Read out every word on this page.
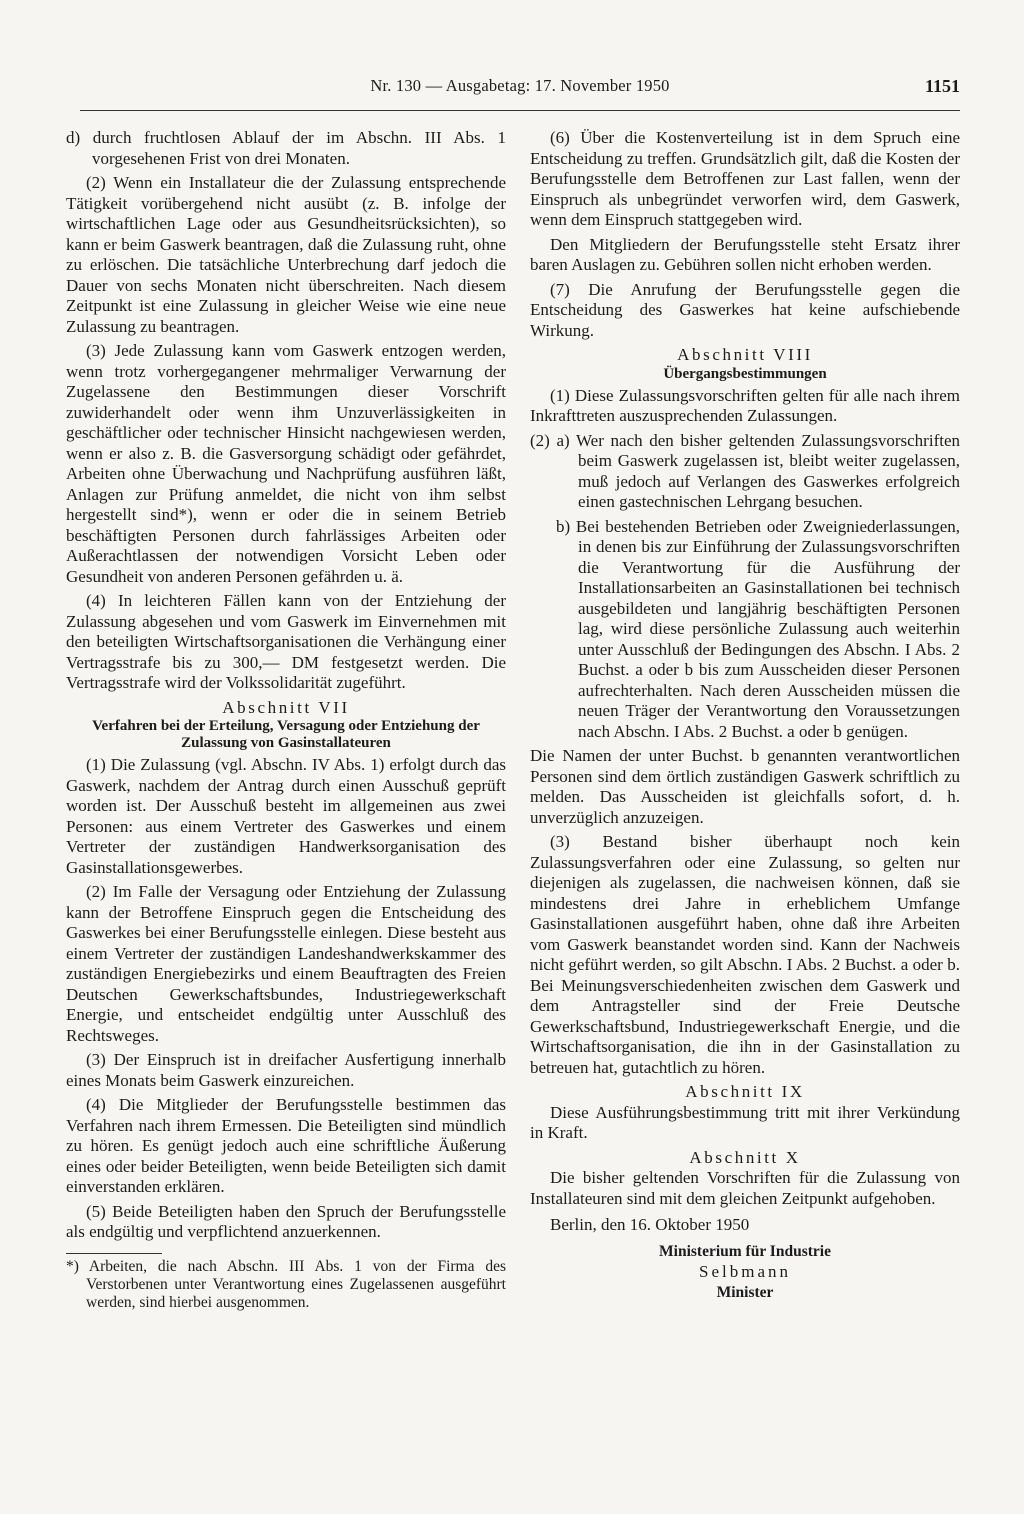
Nr. 130 — Ausgabetag: 17. November 1950	1151

d) durch fruchtlosen Ablauf der im Abschn. III Abs. 1 vorgesehenen Frist von drei Monaten.

(2) Wenn ein Installateur die der Zulassung entsprechende Tätigkeit vorübergehend nicht ausübt (z. B. infolge der wirtschaftlichen Lage oder aus Gesundheitsrücksichten), so kann er beim Gaswerk beantragen, daß die Zulassung ruht, ohne zu erlöschen. Die tatsächliche Unterbrechung darf jedoch die Dauer von sechs Monaten nicht überschreiten. Nach diesem Zeitpunkt ist eine Zulassung in gleicher Weise wie eine neue Zulassung zu beantragen.

(3) Jede Zulassung kann vom Gaswerk entzogen werden, wenn trotz vorhergegangener mehrmaliger Verwarnung der Zugelassene den Bestimmungen dieser Vorschrift zuwiderhandelt oder wenn ihm Unzuverlässigkeiten in geschäftlicher oder technischer Hinsicht nachgewiesen werden, wenn er also z. B. die Gasversorgung schädigt oder gefährdet, Arbeiten ohne Überwachung und Nachprüfung ausführen läßt, Anlagen zur Prüfung anmeldet, die nicht von ihm selbst hergestellt sind*), wenn er oder die in seinem Betrieb beschäftigten Personen durch fahrlässiges Arbeiten oder Außerachtlassen der notwendigen Vorsicht Leben oder Gesundheit von anderen Personen gefährden u. ä.

(4) In leichteren Fällen kann von der Entziehung der Zulassung abgesehen und vom Gaswerk im Einvernehmen mit den beteiligten Wirtschaftsorganisationen die Verhängung einer Vertragsstrafe bis zu 300,— DM festgesetzt werden. Die Vertragsstrafe wird der Volkssolidarität zugeführt.

Abschnitt VII
Verfahren bei der Erteilung, Versagung oder Entziehung der Zulassung von Gasinstallateuren

(1) Die Zulassung (vgl. Abschn. IV Abs. 1) erfolgt durch das Gaswerk, nachdem der Antrag durch einen Ausschuß geprüft worden ist. Der Ausschuß besteht im allgemeinen aus zwei Personen: aus einem Vertreter des Gaswerkes und einem Vertreter der zuständigen Handwerksorganisation des Gasinstallationsgewerbes.

(2) Im Falle der Versagung oder Entziehung der Zulassung kann der Betroffene Einspruch gegen die Entscheidung des Gaswerkes bei einer Berufungsstelle einlegen. Diese besteht aus einem Vertreter der zuständigen Landeshandwerkskammer des zuständigen Energiebezirks und einem Beauftragten des Freien Deutschen Gewerkschaftsbundes, Industriegewerkschaft Energie, und entscheidet endgültig unter Ausschluß des Rechtsweges.

(3) Der Einspruch ist in dreifacher Ausfertigung innerhalb eines Monats beim Gaswerk einzureichen.

(4) Die Mitglieder der Berufungsstelle bestimmen das Verfahren nach ihrem Ermessen. Die Beteiligten sind mündlich zu hören. Es genügt jedoch auch eine schriftliche Äußerung eines oder beider Beteiligten, wenn beide Beteiligten sich damit einverstanden erklären.

(5) Beide Beteiligten haben den Spruch der Berufungsstelle als endgültig und verpflichtend anzuerkennen.

*) Arbeiten, die nach Abschn. III Abs. 1 von der Firma des Verstorbenen unter Verantwortung eines Zugelassenen ausgeführt werden, sind hierbei ausgenommen.

(6) Über die Kostenverteilung ist in dem Spruch eine Entscheidung zu treffen. Grundsätzlich gilt, daß die Kosten der Berufungsstelle dem Betroffenen zur Last fallen, wenn der Einspruch als unbegründet verworfen wird, dem Gaswerk, wenn dem Einspruch stattgegeben wird.

Den Mitgliedern der Berufungsstelle steht Ersatz ihrer baren Auslagen zu. Gebühren sollen nicht erhoben werden.

(7) Die Anrufung der Berufungsstelle gegen die Entscheidung des Gaswerkes hat keine aufschiebende Wirkung.

Abschnitt VIII
Übergangsbestimmungen

(1) Diese Zulassungsvorschriften gelten für alle nach ihrem Inkrafttreten auszusprechenden Zulassungen.

(2) a) Wer nach den bisher geltenden Zulassungsvorschriften beim Gaswerk zugelassen ist, bleibt weiter zugelassen, muß jedoch auf Verlangen des Gaswerkes erfolgreich einen gastechnischen Lehrgang besuchen.

b) Bei bestehenden Betrieben oder Zweigniederlassungen, in denen bis zur Einführung der Zulassungsvorschriften die Verantwortung für die Ausführung der Installationsarbeiten an Gasinstallationen bei technisch ausgebildeten und langjährig beschäftigten Personen lag, wird diese persönliche Zulassung auch weiterhin unter Ausschluß der Bedingungen des Abschn. I Abs. 2 Buchst. a oder b bis zum Ausscheiden dieser Personen aufrechterhalten. Nach deren Ausscheiden müssen die neuen Träger der Verantwortung den Voraussetzungen nach Abschn. I Abs. 2 Buchst. a oder b genügen.

Die Namen der unter Buchst. b genannten verantwortlichen Personen sind dem örtlich zuständigen Gaswerk schriftlich zu melden. Das Ausscheiden ist gleichfalls sofort, d. h. unverzüglich anzuzeigen.

(3) Bestand bisher überhaupt noch kein Zulassungsverfahren oder eine Zulassung, so gelten nur diejenigen als zugelassen, die nachweisen können, daß sie mindestens drei Jahre in erheblichem Umfange Gasinstallationen ausgeführt haben, ohne daß ihre Arbeiten vom Gaswerk beanstandet worden sind. Kann der Nachweis nicht geführt werden, so gilt Abschn. I Abs. 2 Buchst. a oder b. Bei Meinungsverschiedenheiten zwischen dem Gaswerk und dem Antragsteller sind der Freie Deutsche Gewerkschaftsbund, Industriegewerkschaft Energie, und die Wirtschaftsorganisation, die ihn in der Gasinstallation zu betreuen hat, gutachtlich zu hören.

Abschnitt IX

Diese Ausführungsbestimmung tritt mit ihrer Verkündung in Kraft.

Abschnitt X

Die bisher geltenden Vorschriften für die Zulassung von Installateuren sind mit dem gleichen Zeitpunkt aufgehoben.

Berlin, den 16. Oktober 1950

Ministerium für Industrie

Selbmann

Minister
